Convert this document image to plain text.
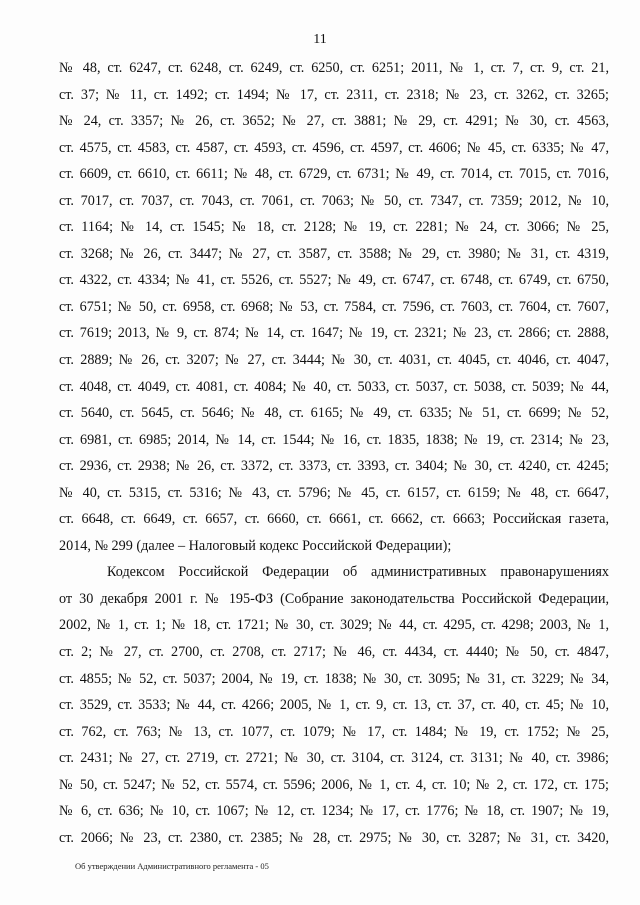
11
№ 48, ст. 6247, ст. 6248, ст. 6249, ст. 6250, ст. 6251; 2011, № 1, ст. 7, ст. 9, ст. 21,
ст. 37; № 11, ст. 1492; ст. 1494; № 17, ст. 2311, ст. 2318; № 23, ст. 3262, ст. 3265;
№ 24, ст. 3357; № 26, ст. 3652; № 27, ст. 3881; № 29, ст. 4291; № 30, ст. 4563,
ст. 4575, ст. 4583, ст. 4587, ст. 4593, ст. 4596, ст. 4597, ст. 4606; № 45, ст. 6335; № 47,
ст. 6609, ст. 6610, ст. 6611; № 48, ст. 6729, ст. 6731; № 49, ст. 7014, ст. 7015, ст. 7016,
ст. 7017, ст. 7037, ст. 7043, ст. 7061, ст. 7063; № 50, ст. 7347, ст. 7359; 2012, № 10,
ст. 1164; № 14, ст. 1545; № 18, ст. 2128; № 19, ст. 2281; № 24, ст. 3066; № 25,
ст. 3268; № 26, ст. 3447; № 27, ст. 3587, ст. 3588; № 29, ст. 3980; № 31, ст. 4319,
ст. 4322, ст. 4334; № 41, ст. 5526, ст. 5527; № 49, ст. 6747, ст. 6748, ст. 6749, ст. 6750,
ст. 6751; № 50, ст. 6958, ст. 6968; № 53, ст. 7584, ст. 7596, ст. 7603, ст. 7604, ст. 7607,
ст. 7619; 2013, № 9, ст. 874; № 14, ст. 1647; № 19, ст. 2321; № 23, ст. 2866; ст. 2888,
ст. 2889; № 26, ст. 3207; № 27, ст. 3444; № 30, ст. 4031, ст. 4045, ст. 4046, ст. 4047,
ст. 4048, ст. 4049, ст. 4081, ст. 4084; № 40, ст. 5033, ст. 5037, ст. 5038, ст. 5039; № 44,
ст. 5640, ст. 5645, ст. 5646; № 48, ст. 6165; № 49, ст. 6335; № 51, ст. 6699; № 52,
ст. 6981, ст. 6985; 2014, № 14, ст. 1544; № 16, ст. 1835, 1838; № 19, ст. 2314; № 23,
ст. 2936, ст. 2938; № 26, ст. 3372, ст. 3373, ст. 3393, ст. 3404; № 30, ст. 4240, ст. 4245;
№ 40, ст. 5315, ст. 5316; № 43, ст. 5796; № 45, ст. 6157, ст. 6159; № 48, ст. 6647,
ст. 6648, ст. 6649, ст. 6657, ст. 6660, ст. 6661, ст. 6662, ст. 6663; Российская газета,
2014, № 299 (далее – Налоговый кодекс Российской Федерации);
Кодексом Российской Федерации об административных правонарушениях
от 30 декабря 2001 г. № 195-ФЗ (Собрание законодательства Российской Федерации,
2002, № 1, ст. 1; № 18, ст. 1721; № 30, ст. 3029; № 44, ст. 4295, ст. 4298; 2003, № 1,
ст. 2; № 27, ст. 2700, ст. 2708, ст. 2717; № 46, ст. 4434, ст. 4440; № 50, ст. 4847,
ст. 4855; № 52, ст. 5037; 2004, № 19, ст. 1838; № 30, ст. 3095; № 31, ст. 3229; № 34,
ст. 3529, ст. 3533; № 44, ст. 4266; 2005, № 1, ст. 9, ст. 13, ст. 37, ст. 40, ст. 45; № 10,
ст. 762, ст. 763; № 13, ст. 1077, ст. 1079; № 17, ст. 1484; № 19, ст. 1752; № 25,
ст. 2431; № 27, ст. 2719, ст. 2721; № 30, ст. 3104, ст. 3124, ст. 3131; № 40, ст. 3986;
№ 50, ст. 5247; № 52, ст. 5574, ст. 5596; 2006, № 1, ст. 4, ст. 10; № 2, ст. 172, ст. 175;
№ 6, ст. 636; № 10, ст. 1067; № 12, ст. 1234; № 17, ст. 1776; № 18, ст. 1907; № 19,
ст. 2066; № 23, ст. 2380, ст. 2385; № 28, ст. 2975; № 30, ст. 3287; № 31, ст. 3420,
Об утверждении Административного регламента - 05
